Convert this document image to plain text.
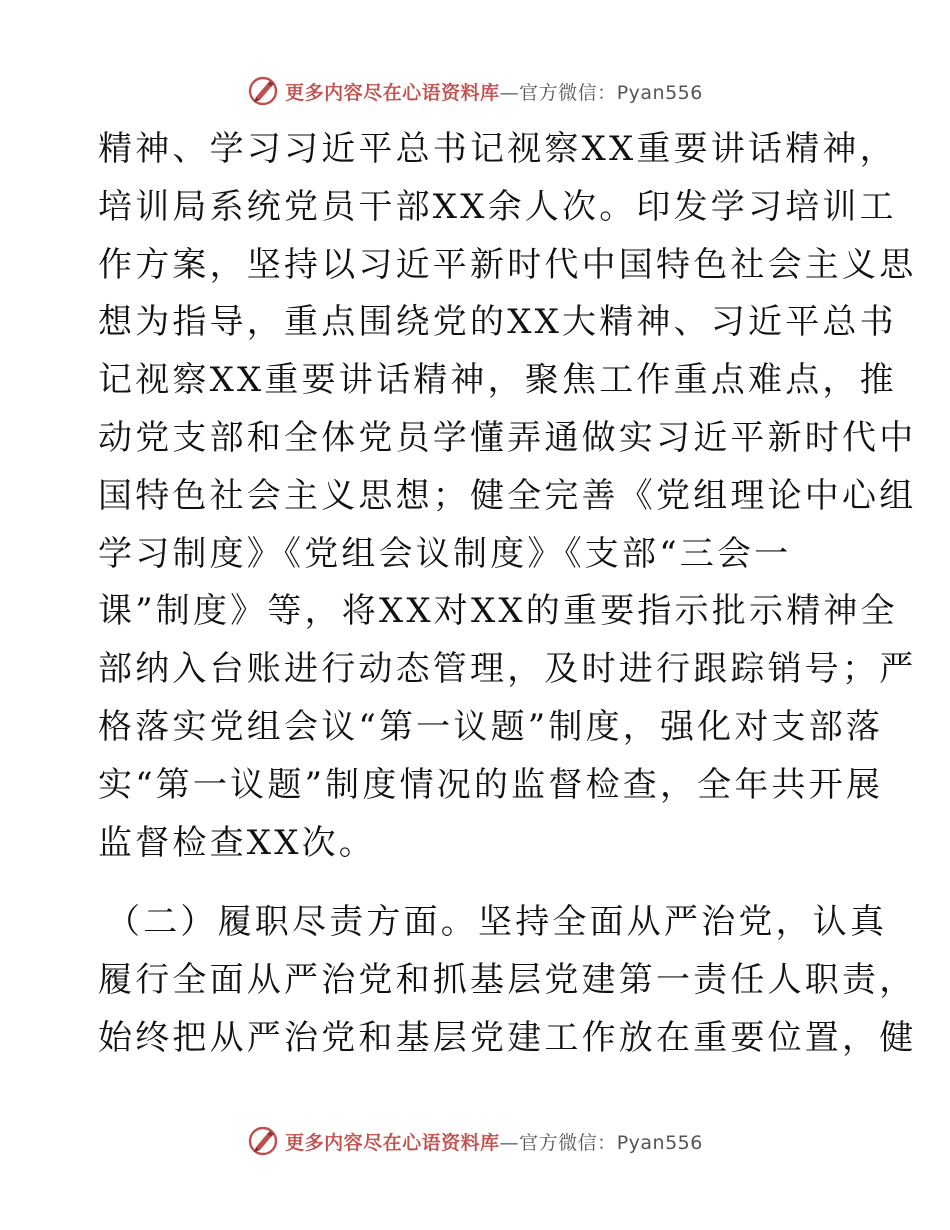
更多内容尽在心语资料库—官方微信：Pyan556
精神、学习习近平总书记视察XX重要讲话精神，
培训局系统党员干部XX余人次。印发学习培训工
作方案，坚持以习近平新时代中国特色社会主义思
想为指导，重点围绕党的XX大精神、习近平总书
记视察XX重要讲话精神，聚焦工作重点难点，推
动党支部和全体党员学懂弄通做实习近平新时代中
国特色社会主义思想；健全完善《党组理论中心组
学习制度》《党组会议制度》《支部“三会一
课”制度》等，将XX对XX的重要指示批示精神全
部纳入台账进行动态管理，及时进行跟踪销号；严
格落实党组会议“第一议题”制度，强化对支部落
实“第一议题”制度情况的监督检查，全年共开展
监督检查XX次。
（二）履职尽责方面。坚持全面从严治党，认真
履行全面从严治党和抓基层党建第一责任人职责，
始终把从严治党和基层党建工作放在重要位置，健
更多内容尽在心语资料库—官方微信：Pyan556
